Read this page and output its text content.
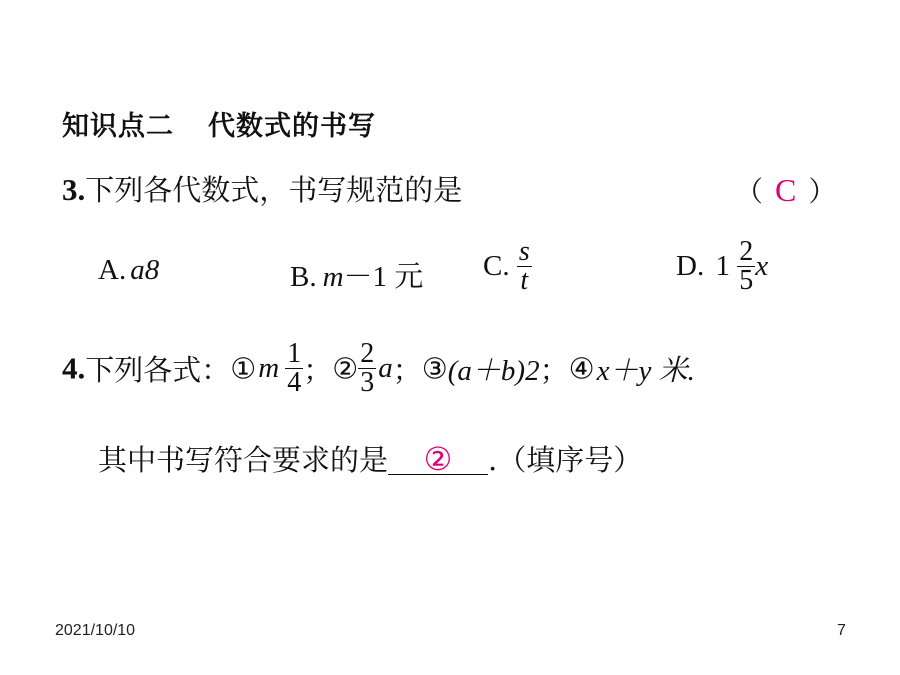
知识点二 代数式的书写
3.下列各代数式，书写规范的是	（ C ）
A. a8	B. m－1 元 C. $\frac{s}{t}$	D. $1 \frac{2}{5}$ x
4.下列各式：①m $\frac{1}{4}$ ；② $\frac{2}{3}$ a；③(a＋b)2；④x＋y 米.
其中书写符合要求的是 ② .（填序号）
2021/10/10	7
